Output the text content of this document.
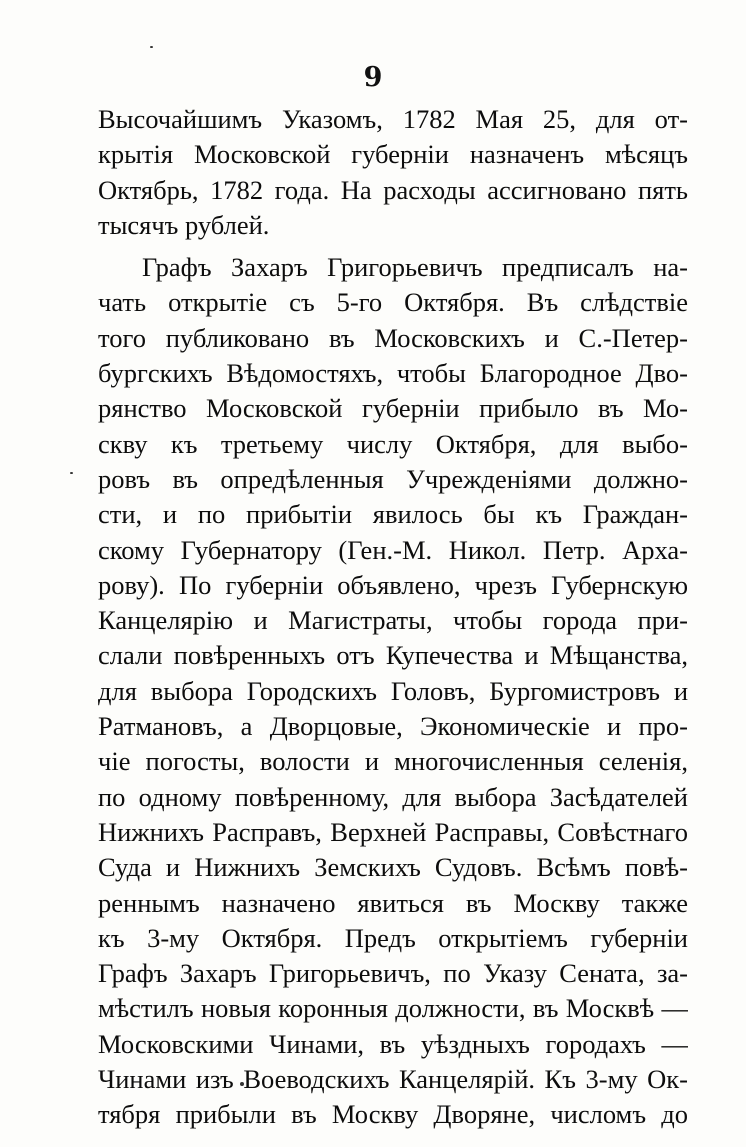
9
Высочайшимъ Указомъ, 1782 Мая 25, для от-
крытія Московской губерніи назначенъ мѣсяцъ
Октябрь, 1782 года. На расходы ассигновано пять
тысячъ рублей.
Графъ Захаръ Григорьевичъ предписалъ на-
чать открытіе съ 5-го Октября. Въ слѣдствіе
того публиковано въ Московскихъ и С.-Петер-
бургскихъ Вѣдомостяхъ, чтобы Благородное Дво-
рянство Московской губерніи прибыло въ Мо-
скву къ третьему числу Октября, для выбо-
ровъ въ опредѣленныя Учрежденіями должно-
сти, и по прибытіи явилось бы къ Граждан-
скому Губернатору (Ген.-М. Никол. Петр. Арха-
рову). По губерніи объявлено, чрезъ Губернскую
Канцелярію и Магистраты, чтобы города при-
слали повѣренныхъ отъ Купечества и Мѣщанства,
для выбора Городскихъ Головъ, Бургомистровъ и
Ратмановъ, а Дворцовые, Экономическіе и про-
чіе погосты, волости и многочисленныя селенія,
по одному повѣренному, для выбора Засѣдателей
Нижнихъ Расправъ, Верхней Расправы, Совѣстнаго
Суда и Нижнихъ Земскихъ Судовъ. Всѣмъ повѣ-
реннымъ назначено явиться въ Москву также
къ 3-му Октября. Предъ открытіемъ губерніи
Графъ Захаръ Григорьевичъ, по Указу Сената, за-
мѣстилъ новыя коронныя должности, въ Москвѣ —
Московскими Чинами, въ уѣздныхъ городахъ —
Чинами изъ Воеводскихъ Канцелярій. Къ 3-му Ок-
тября прибыли въ Москву Дворяне, числомъ до
